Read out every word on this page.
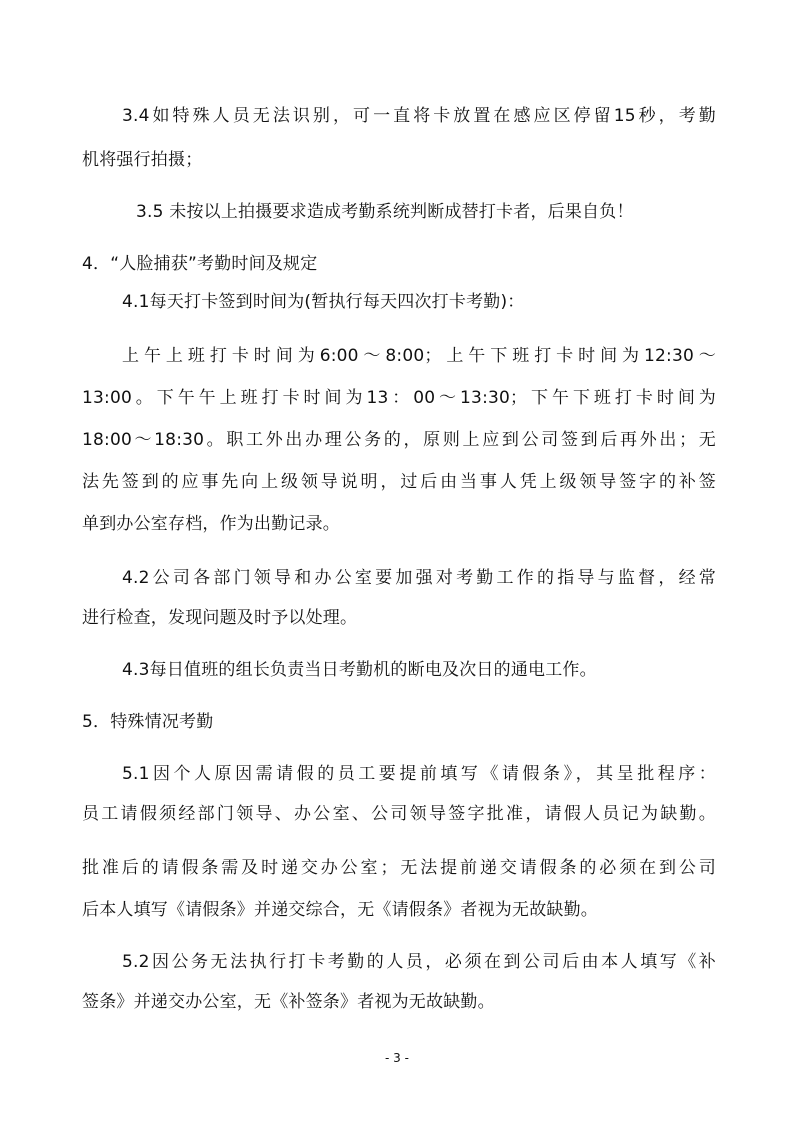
3.4如特殊人员无法识别，可一直将卡放置在感应区停留15秒，考勤
机将强行拍摄；
3.5 未按以上拍摄要求造成考勤系统判断成替打卡者，后果自负！
4．“人脸捕获”考勤时间及规定
4.1每天打卡签到时间为(暂执行每天四次打卡考勤)：
上午上班打卡时间为6:00～8:00；上午下班打卡时间为12:30～
13:00。下午午上班打卡时间为13：00～13:30；下午下班打卡时间为
18:00～18:30。职工外出办理公务的，原则上应到公司签到后再外出；无
法先签到的应事先向上级领导说明，过后由当事人凭上级领导签字的补签
单到办公室存档，作为出勤记录。
4.2公司各部门领导和办公室要加强对考勤工作的指导与监督，经常
进行检查，发现问题及时予以处理。
4.3每日值班的组长负责当日考勤机的断电及次日的通电工作。
5．特殊情况考勤
5.1因个人原因需请假的员工要提前填写《请假条》，其呈批程序：
员工请假须经部门领导、办公室、公司领导签字批准，请假人员记为缺勤。
批准后的请假条需及时递交办公室；无法提前递交请假条的必须在到公司
后本人填写《请假条》并递交综合，无《请假条》者视为无故缺勤。
5.2因公务无法执行打卡考勤的人员，必须在到公司后由本人填写《补
签条》并递交办公室，无《补签条》者视为无故缺勤。
- 3 -
